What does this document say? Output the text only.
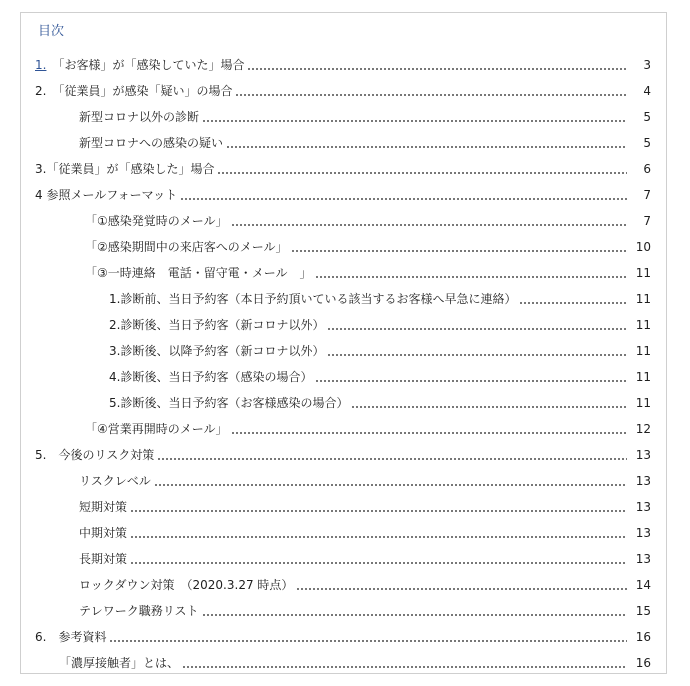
目次
1.　「お客様」が「感染していた」場合	3
2.　「従業員」が感染「疑い」の場合	4
新型コロナ以外の診断	5
新型コロナへの感染の疑い	5
3.「従業員」が「感染した」場合	6
4 参照メールフォーマット	7
「①感染発覚時のメール」	7
「②感染期間中の来店客へのメール」	10
「③一時連絡　電話・留守電・メール　」	11
1.診断前、当日予約客（本日予約頂いている該当するお客様へ早急に連絡）	11
2.診断後、当日予約客（新コロナ以外）	11
3.診断後、以降予約客（新コロナ以外）	11
4.診断後、当日予約客（感染の場合）	11
5.診断後、当日予約客（お客様感染の場合）	11
「④営業再開時のメール」	12
5.　今後のリスク対策	13
リスクレベル	13
短期対策	13
中期対策	13
長期対策	13
ロックダウン対策　（2020.3.27 時点）	14
テレワーク職務リスト	15
6.　参考資料	16
「濃厚接触者」とは、	16
